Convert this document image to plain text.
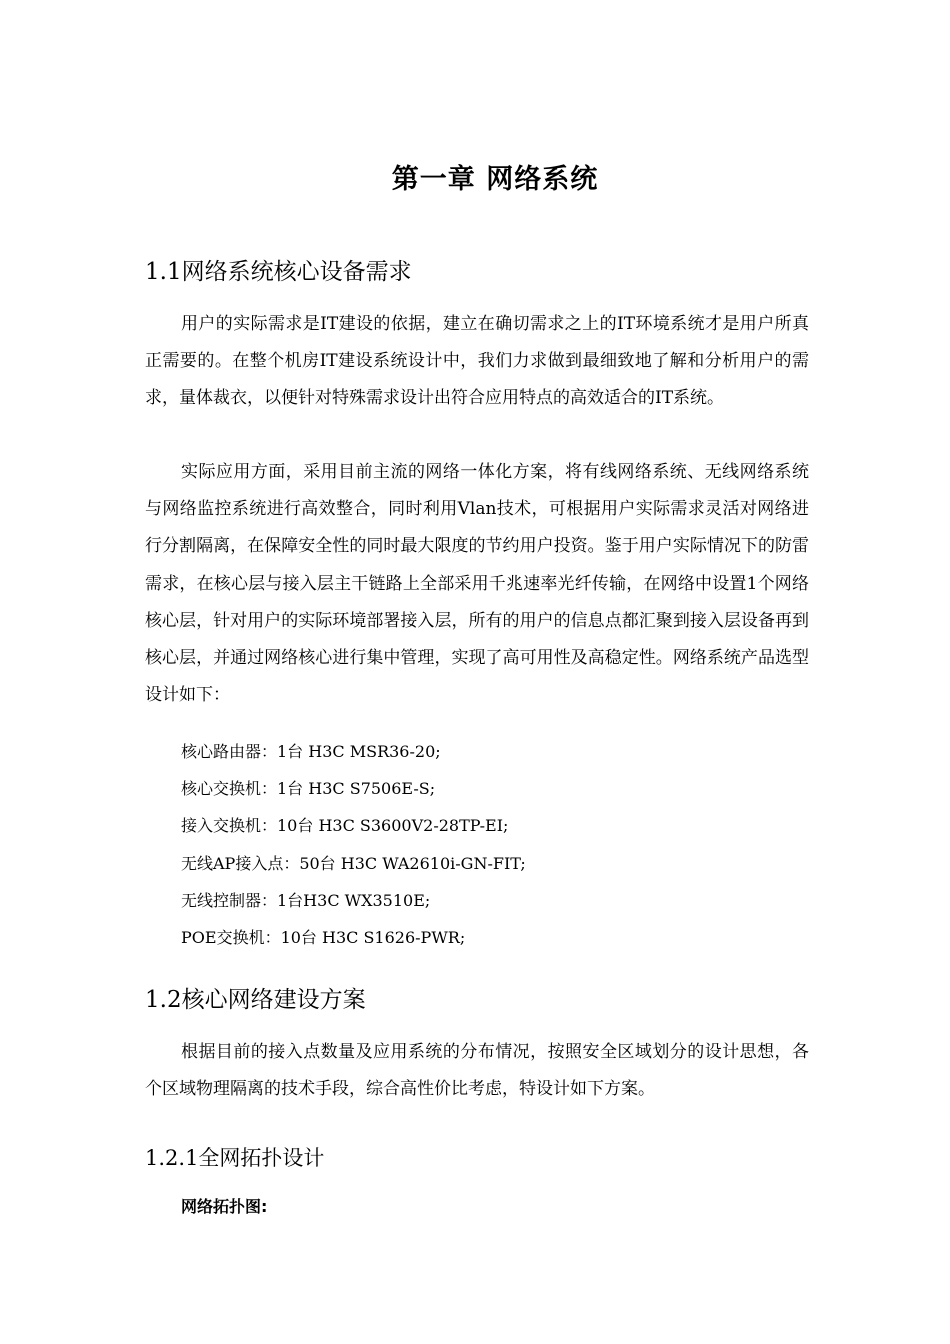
第一章 网络系统
1.1网络系统核心设备需求

用户的实际需求是IT建设的依据，建立在确切需求之上的IT环境系统才是用户所真正需要的。在整个机房IT建设系统设计中，我们力求做到最细致地了解和分析用户的需求，量体裁衣，以便针对特殊需求设计出符合应用特点的高效适合的IT系统。

实际应用方面，采用目前主流的网络一体化方案，将有线网络系统、无线网络系统与网络监控系统进行高效整合，同时利用Vlan技术，可根据用户实际需求灵活对网络进行分割隔离，在保障安全性的同时最大限度的节约用户投资。鉴于用户实际情况下的防雷需求，在核心层与接入层主干链路上全部采用千兆速率光纤传输，在网络中设置1个网络核心层，针对用户的实际环境部署接入层，所有的用户的信息点都汇聚到接入层设备再到核心层，并通过网络核心进行集中管理，实现了高可用性及高稳定性。网络系统产品选型设计如下：

核心路由器：1台 H3C MSR36-20;
核心交换机：1台 H3C S7506E-S;
接入交换机：10台 H3C S3600V2-28TP-EI;
无线AP接入点：50台 H3C WA2610i-GN-FIT;
无线控制器：1台H3C WX3510E;
POE交换机：10台 H3C S1626-PWR;
1.2核心网络建设方案

根据目前的接入点数量及应用系统的分布情况，按照安全区域划分的设计思想，各个区域物理隔离的技术手段，综合高性价比考虑，特设计如下方案。

1.2.1全网拓扑设计
网络拓扑图:
